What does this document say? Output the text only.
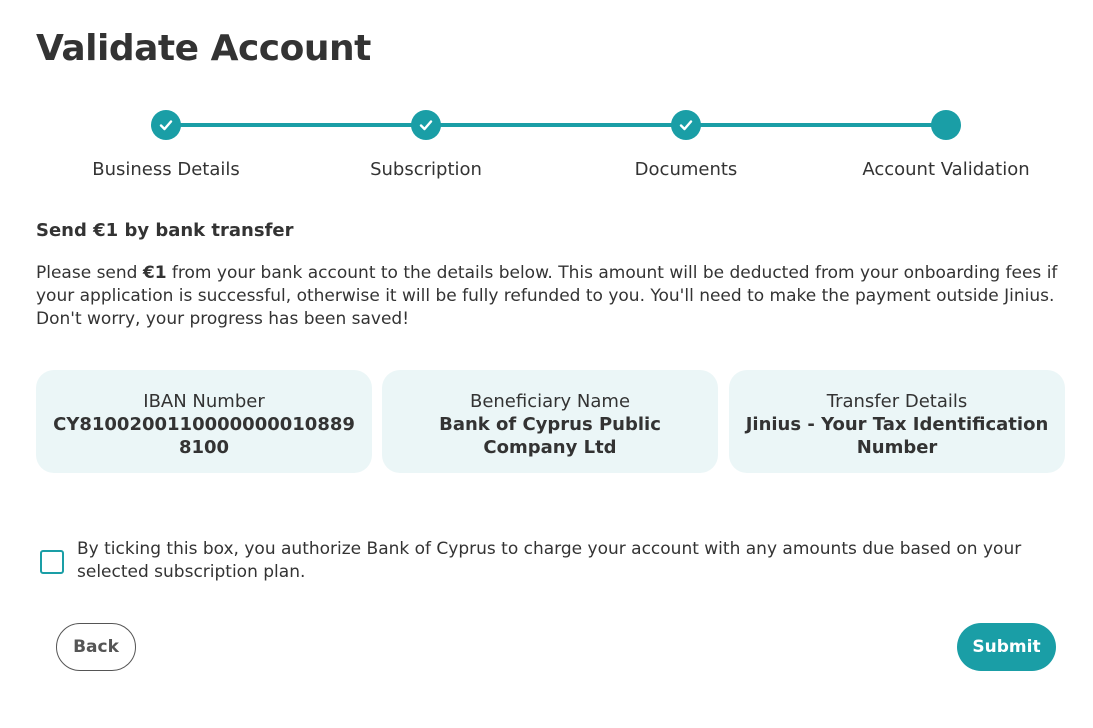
Validate Account
Business Details	Subscription	Documents	Account Validation
Send €1 by bank transfer

Please send €1 from your bank account to the details below. This amount will be deducted from your onboarding fees if your application is successful, otherwise it will be fully refunded to you. You'll need to make the payment outside Jinius. Don't worry, your progress has been saved!

IBAN Number
CY81002001100000000108898100
Beneficiary Name
Bank of Cyprus Public Company Ltd
Transfer Details
Jinius - Your Tax Identification Number

By ticking this box, you authorize Bank of Cyprus to charge your account with any amounts due based on your selected subscription plan.

Back	Submit
